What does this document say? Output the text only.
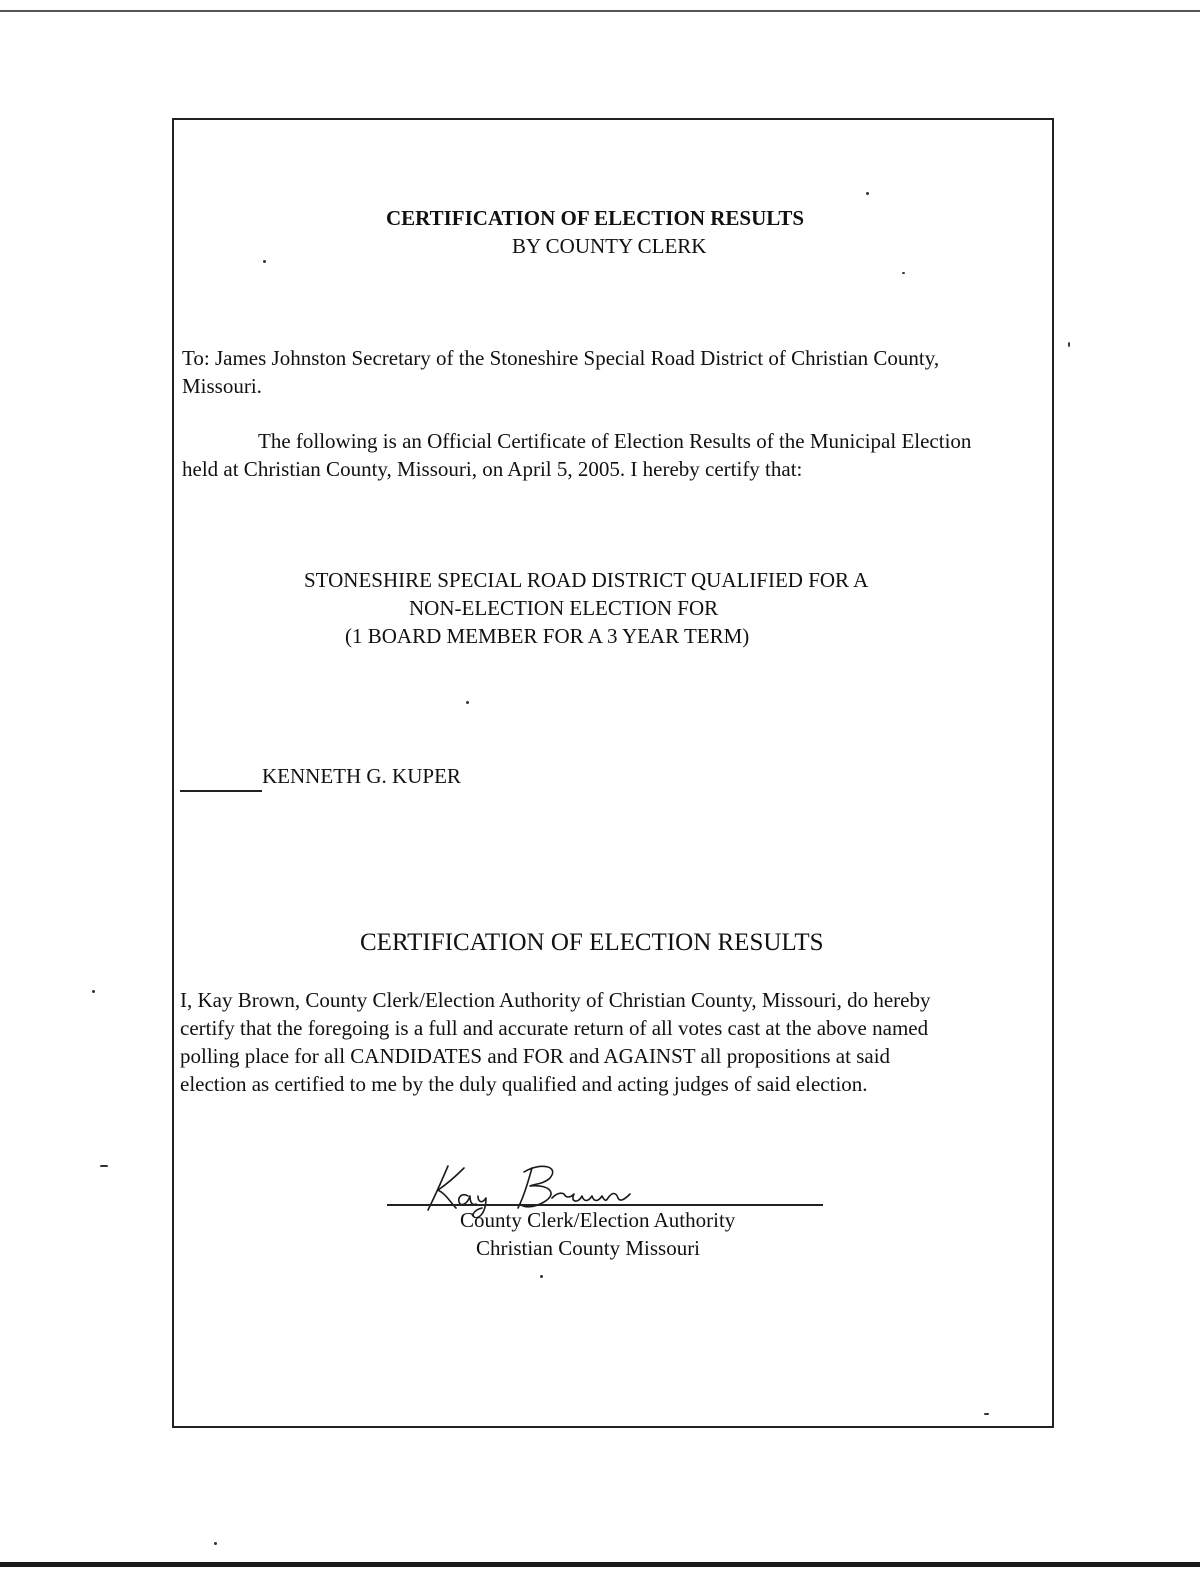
CERTIFICATION OF ELECTION RESULTS
BY COUNTY CLERK
To: James Johnston Secretary of the Stoneshire Special Road District of Christian County,
Missouri.
The following is an Official Certificate of Election Results of the Municipal Election
held at Christian County, Missouri, on April 5, 2005. I hereby certify that:
STONESHIRE SPECIAL ROAD DISTRICT QUALIFIED FOR A
NON-ELECTION ELECTION FOR
(1 BOARD MEMBER FOR A 3 YEAR TERM)
KENNETH G. KUPER
CERTIFICATION OF ELECTION RESULTS
I, Kay Brown, County Clerk/Election Authority of Christian County, Missouri, do hereby
certify that the foregoing is a full and accurate return of all votes cast at the above named
polling place for all CANDIDATES and FOR and AGAINST all propositions at said
election as certified to me by the duly qualified and acting judges of said election.
County Clerk/Election Authority
Christian County Missouri
